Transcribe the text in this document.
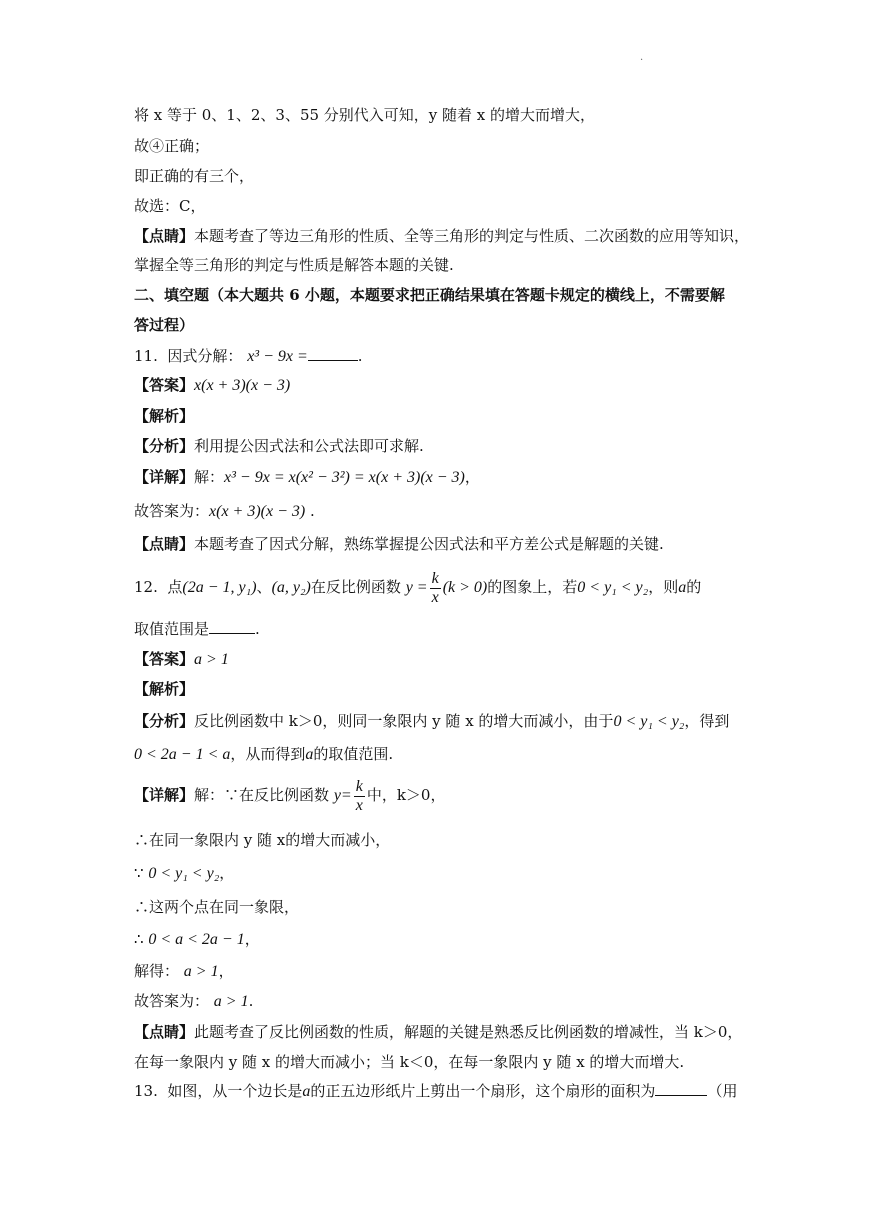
.
将 x 等于 0、1、2、3、55 分别代入可知，y 随着 x 的增大而增大，
故④正确；
即正确的有三个，
故选：C，
【点睛】本题考查了等边三角形的性质、全等三角形的判定与性质、二次函数的应用等知识，
掌握全等三角形的判定与性质是解答本题的关键.
二、填空题（本大题共 6 小题，本题要求把正确结果填在答题卡规定的横线上，不需要解
答过程）
11. 因式分解： x³ − 9x =	.
【答案】x(x + 3)(x − 3)
【解析】
【分析】利用提公因式法和公式法即可求解.
【详解】解：x³ − 9x = x(x² − 3²) = x(x + 3)(x − 3)，
故答案为：x(x + 3)(x − 3) .
【点睛】本题考查了因式分解，熟练掌握提公因式法和平方差公式是解题的关键.
12. 点(2a − 1, y₁)、(a, y₂)在反比例函数 $y = \frac{k}{x} (k > 0)$的图象上，若0 < y₁ < y₂，则a的
取值范围是	.
【答案】a > 1
【解析】
【分析】反比例函数中 k＞0，则同一象限内 y 随 x 的增大而减小，由于0 < y₁ < y₂，得到
0 < 2a − 1 < a，从而得到a的取值范围.
【详解】解：∵在反比例函数 $y= \frac{k}{x}$ 中，k＞0，
∴在同一象限内 y 随 x的增大而减小，
∵ 0 < y₁ < y₂，
∴这两个点在同一象限，
∴ 0 < a < 2a − 1，
解得： a > 1，
故答案为： a > 1.
【点睛】此题考查了反比例函数的性质，解题的关键是熟悉反比例函数的增减性，当 k＞0，
在每一象限内 y 随 x 的增大而减小；当 k＜0，在每一象限内 y 随 x 的增大而增大.
13. 如图，从一个边长是a的正五边形纸片上剪出一个扇形，这个扇形的面积为	（用
